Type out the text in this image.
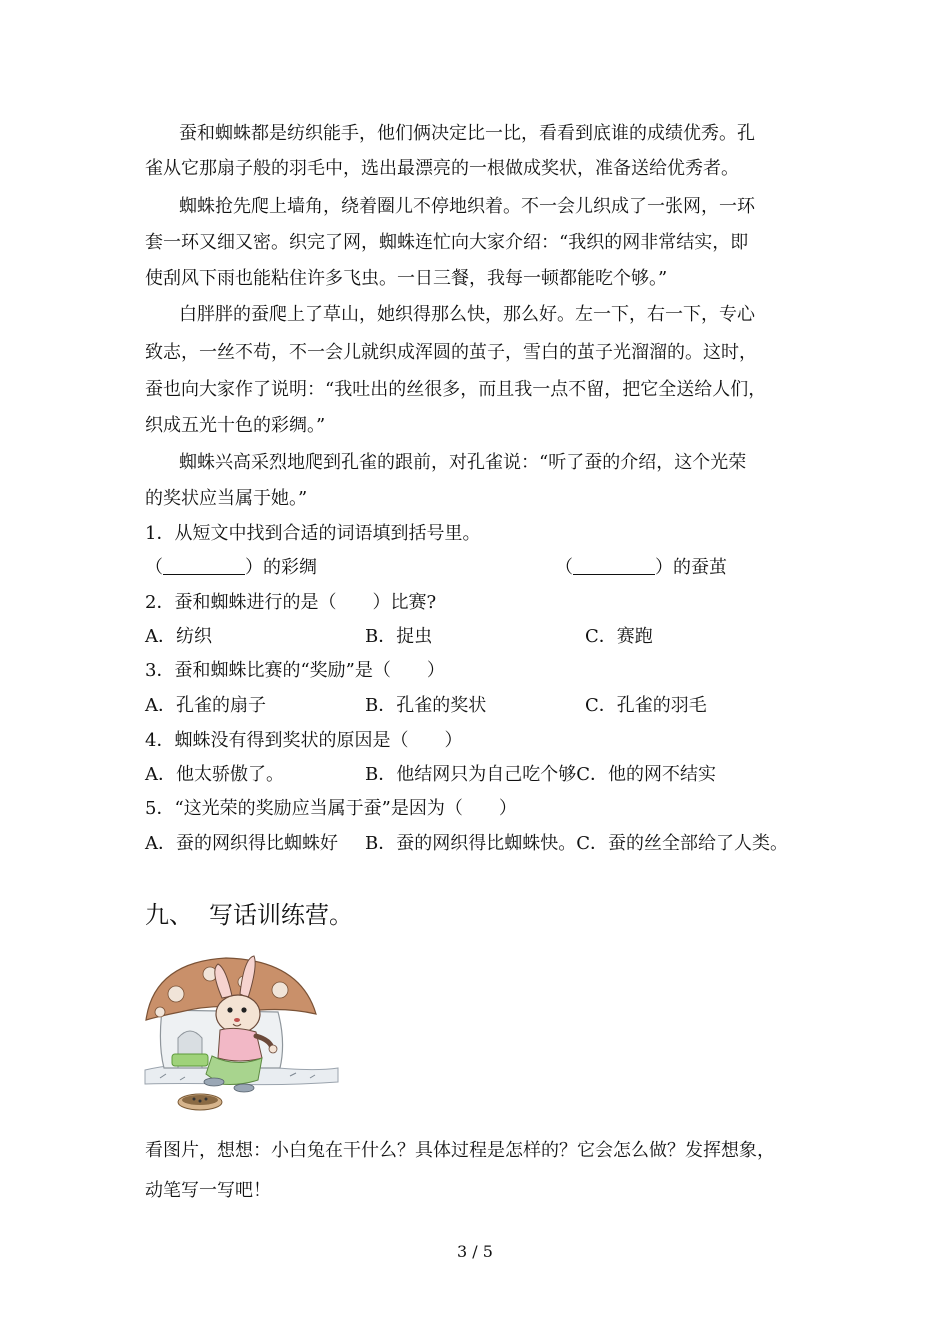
蚕和蜘蛛都是纺织能手，他们俩决定比一比，看看到底谁的成绩优秀。孔
雀从它那扇子般的羽毛中，选出最漂亮的一根做成奖状，准备送给优秀者。
蜘蛛抢先爬上墙角，绕着圈儿不停地织着。不一会儿织成了一张网，一环
套一环又细又密。织完了网，蜘蛛连忙向大家介绍：“我织的网非常结实，即
使刮风下雨也能粘住许多飞虫。一日三餐，我每一顿都能吃个够。”
白胖胖的蚕爬上了草山，她织得那么快，那么好。左一下，右一下，专心
致志，一丝不苟，不一会儿就织成浑圆的茧子，雪白的茧子光溜溜的。这时，
蚕也向大家作了说明：“我吐出的丝很多，而且我一点不留，把它全送给人们，
织成五光十色的彩绸。”
蜘蛛兴高采烈地爬到孔雀的跟前，对孔雀说：“听了蚕的介绍，这个光荣
的奖状应当属于她。”
1．从短文中找到合适的词语填到括号里。
（	）的彩绸	（	）的蚕茧
2．蚕和蜘蛛进行的是（　　）比赛?
A．纺织	B．捉虫	C．赛跑
3．蚕和蜘蛛比赛的“奖励”是（　　）
A．孔雀的扇子	B．孔雀的奖状	C．孔雀的羽毛
4．蜘蛛没有得到奖状的原因是（　　）
A．他太骄傲了。	B．他结网只为自己吃个够C．他的网不结实
5．“这光荣的奖励应当属于蚕”是因为（　　）
A．蚕的网织得比蜘蛛好 B．蚕的网织得比蜘蛛快。C．蚕的丝全部给了人类。
九、 写话训练营。
看图片，想想：小白兔在干什么？具体过程是怎样的？它会怎么做？发挥想象，
动笔写一写吧！
3 / 5
